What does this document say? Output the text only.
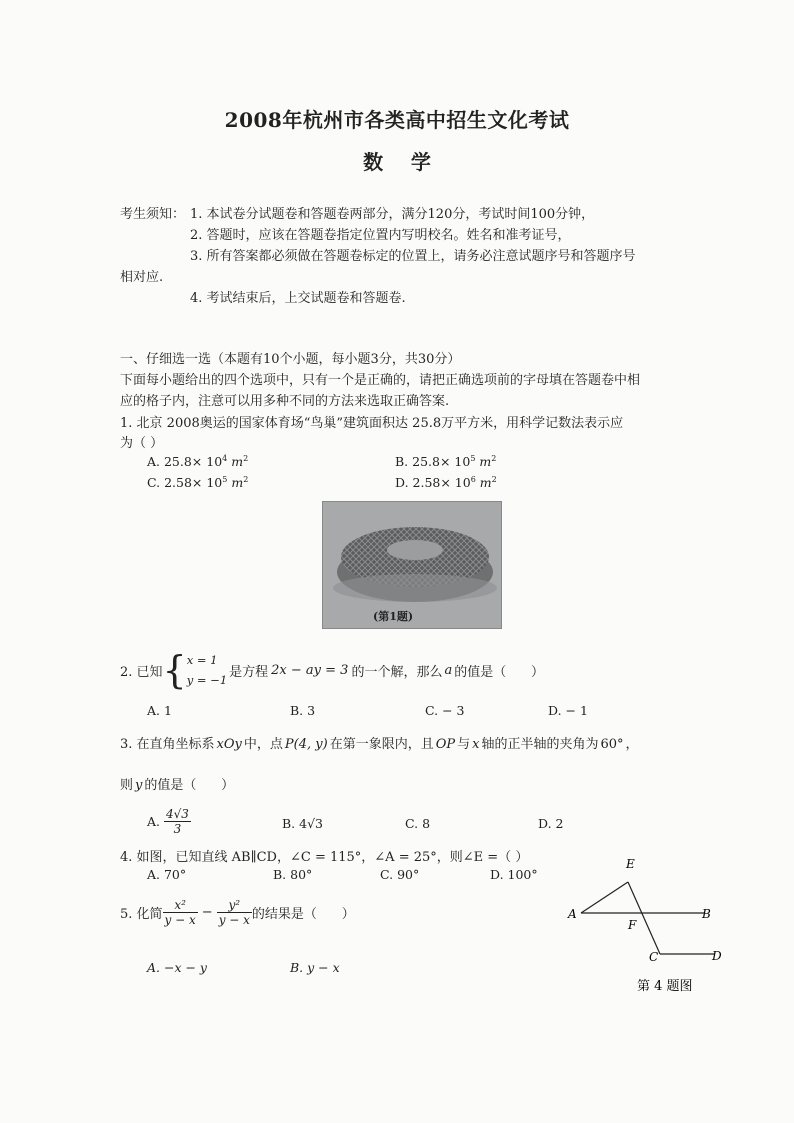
2008年杭州市各类高中招生文化考试
数    学
考生须知： 1. 本试卷分试题卷和答题卷两部分，满分120分，考试时间100分钟，
2. 答题时，应该在答题卷指定位置内写明校名。姓名和准考证号，
3. 所有答案都必须做在答题卷标定的位置上，请务必注意试题序号和答题序号
相对应.
4. 考试结束后，上交试题卷和答题卷.
一、仔细选一选（本题有10个小题，每小题3分，共30分）
下面每小题给出的四个选项中，只有一个是正确的，请把正确选项前的字母填在答题卷中相
应的格子内，注意可以用多种不同的方法来选取正确答案.
1. 北京 2008奥运的国家体育场“鸟巢”建筑面积达 25.8万平方米，用科学记数法表示应
为（ ）
A. $25.8\times 10^4$ $m^2$	B. $25.8\times 10^5$ $m^2$
C. $2.58\times 10^5$ $m^2$	D. $2.58\times 10^6$ $m^2$
(第1题)
2. 已知 { x = 1
y = −1
是方程 2x − ay = 3 的一个解，那么 a 的值是（      ）
A. 1	B. 3	C. − 3	D. − 1
3. 在直角坐标系 xOy 中，点 P(4, y) 在第一象限内，且 OP 与 x 轴的正半轴的夹角为 60° ，
则 y 的值是（      ）
A. $\frac{4√3}{3}$	B. 4√3	C. 8	D. 2
4. 如图，已知直线 AB∥CD，∠C = 115°，∠A = 25°，则∠E =（ ）
A. 70°	B. 80°	C. 90°	D. 100°
E
A	B
F
C	D
第 4 题图
5. 化简 $\frac{\text{x²}}{y - x} - \frac{\text{y²}}{y - x}$ 的结果是（      ）
A. −x − y	B. y − x
